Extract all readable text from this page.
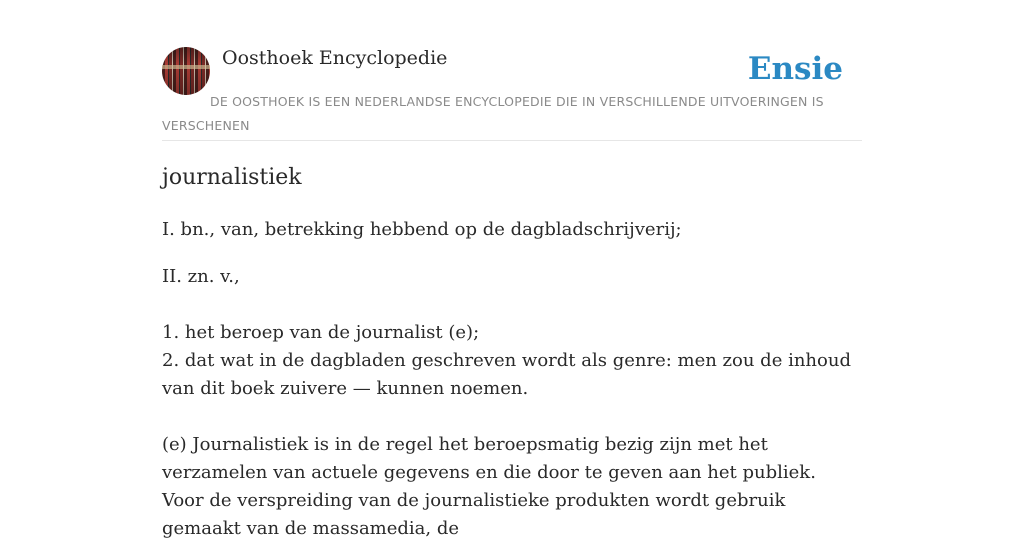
Oosthoek Encyclopedie	Ensie
DE OOSTHOEK IS EEN NEDERLANDSE ENCYCLOPEDIE DIE IN VERSCHILLENDE UITVOERINGEN IS VERSCHENEN
journalistiek

I. bn., van, betrekking hebbend op de dagbladschrijverij;

II. zn. v.,

1. het beroep van de journalist (e);

2. dat wat in de dagbladen geschreven wordt als genre: men zou de inhoud van dit boek zuivere — kunnen noemen.

(e) Journalistiek is in de regel het beroepsmatig bezig zijn met het verzamelen van actuele gegevens en die door te geven aan het publiek. Voor de verspreiding van de journalistieke produkten wordt gebruik gemaakt van de massamedia, de
